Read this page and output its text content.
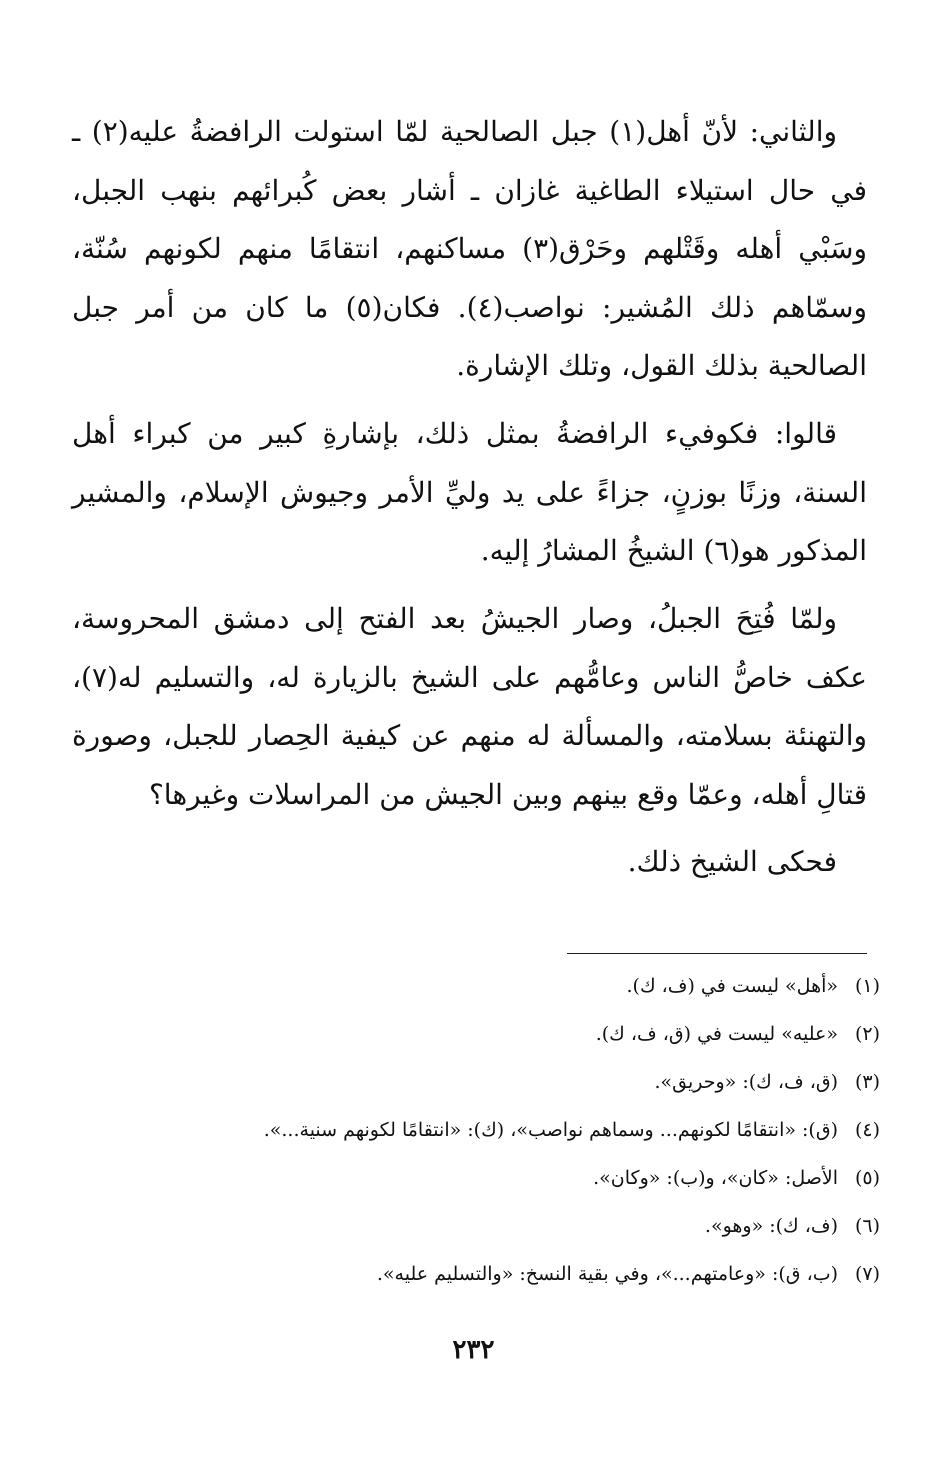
والثاني: لأنّ أهل(١) جبل الصالحية لمّا استولت الرافضةُ عليه(٢) ـ في حال استيلاء الطاغية غازان ـ أشار بعض كُبرائهم بنهب الجبل، وسَبْي أهله وقَتْلهم وحَرْق(٣) مساكنهم، انتقامًا منهم لكونهم سُنّة، وسمّاهم ذلك المُشير: نواصب(٤). فكان(٥) ما كان من أمر جبل الصالحية بذلك القول، وتلك الإشارة.

قالوا: فكوفيء الرافضةُ بمثل ذلك، بإشارةِ كبير من كبراء أهل السنة، وزنًا بوزنٍ، جزاءً على يد وليِّ الأمر وجيوش الإسلام، والمشير المذكور هو(٦) الشيخُ المشارُ إليه.

ولمّا فُتِحَ الجبلُ، وصار الجيشُ بعد الفتح إلى دمشق المحروسة، عكف خاصُّ الناس وعامُّهم على الشيخ بالزيارة له، والتسليم له(٧)، والتهنئة بسلامته، والمسألة له منهم عن كيفية الحِصار للجبل، وصورة قتالِ أهله، وعمّا وقع بينهم وبين الجيش من المراسلات وغيرها؟

فحكى الشيخ ذلك.

(١)«أهل» ليست في (ف، ك).
(٢)«عليه» ليست في (ق، ف، ك).
(٣)(ق، ف، ك): «وحريق».
(٤)(ق): «انتقامًا لكونهم... وسماهم نواصب»، (ك): «انتقامًا لكونهم سنية...».
(٥)الأصل: «كان»، و(ب): «وكان».
(٦)(ف، ك): «وهو».
(٧)(ب، ق): «وعامتهم...»، وفي بقية النسخ: «والتسليم عليه».
٢٣٢
